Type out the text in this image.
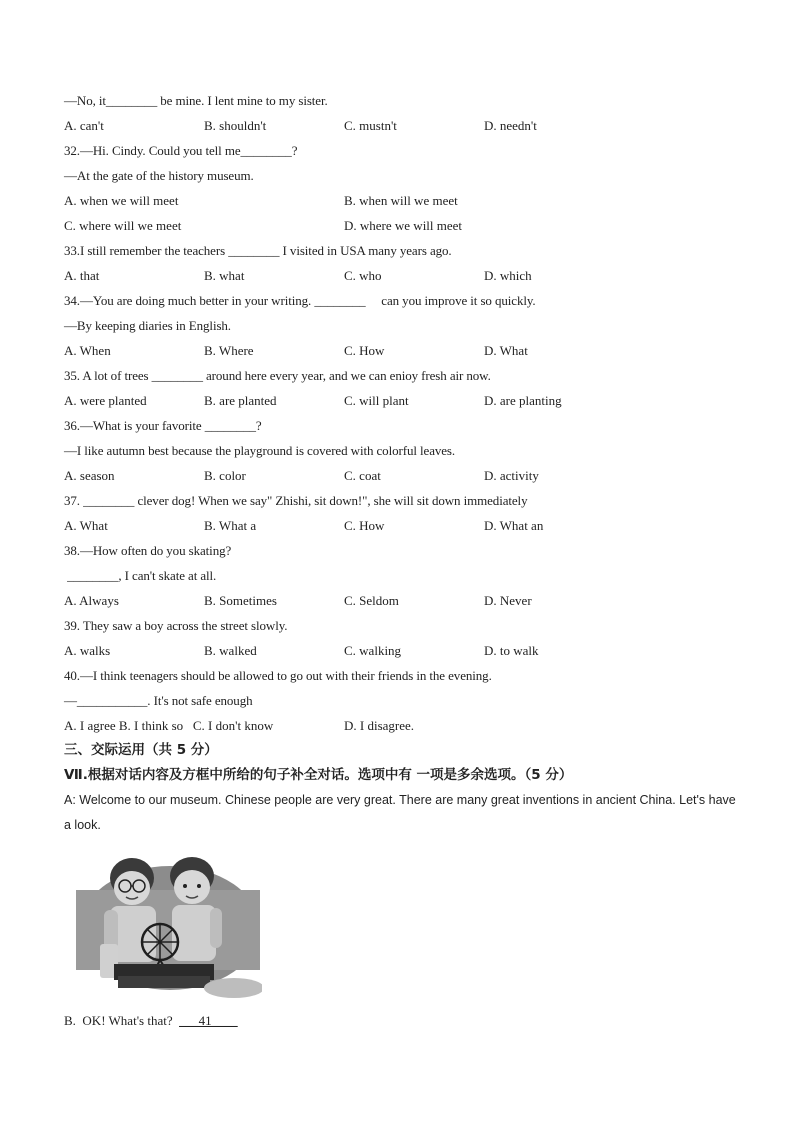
—No, it________ be mine. I lent mine to my sister.
A. can't	B. shouldn't	C. mustn't	D. needn't
32.—Hi. Cindy. Could you tell me________?
—At the gate of the history museum.
A. when we will meet	B. when will we meet
C. where will we meet	D. where we will meet
33.I still remember the teachers ________ I visited in USA many years ago.
A. that	B. what	C. who	D. which
34.—You are doing much better in your writing. ________     can you improve it so quickly.
—By keeping diaries in English.
A. When	B. Where	C. How	D. What
35. A lot of trees ________ around here every year, and we can enioy fresh air now.
A. were planted	B. are planted	C. will plant	D. are planting
36.—What is your favorite ________?
—I like autumn best because the playground is covered with colorful leaves.
A. season	B. color	C. coat	D. activity
37. ________ clever dog! When we say" Zhishi, sit down!", she will sit down immediately
A. What	B. What a	C. How	D. What an
38.—How often do you skating?
________, I can't skate at all.
A. Always	B. Sometimes	C. Seldom	D. Never
39. They saw a boy across the street slowly.
A. walks	B. walked	C. walking	D. to walk
40.—I think teenagers should be allowed to go out with their friends in the evening.
—___________. It's not safe enough
A. I agree B. I think so   C. I don't know	D. I disagree.
三、交际运用（共 5 分）
Ⅶ.根据对话内容及方框中所给的句子补全对话。选项中有 一项是多余选项。（5 分）
A: Welcome to our museum. Chinese people are very great. There are many great inventions in ancient China. Let's have a look.
B.  OK! What's that?  ___41____
